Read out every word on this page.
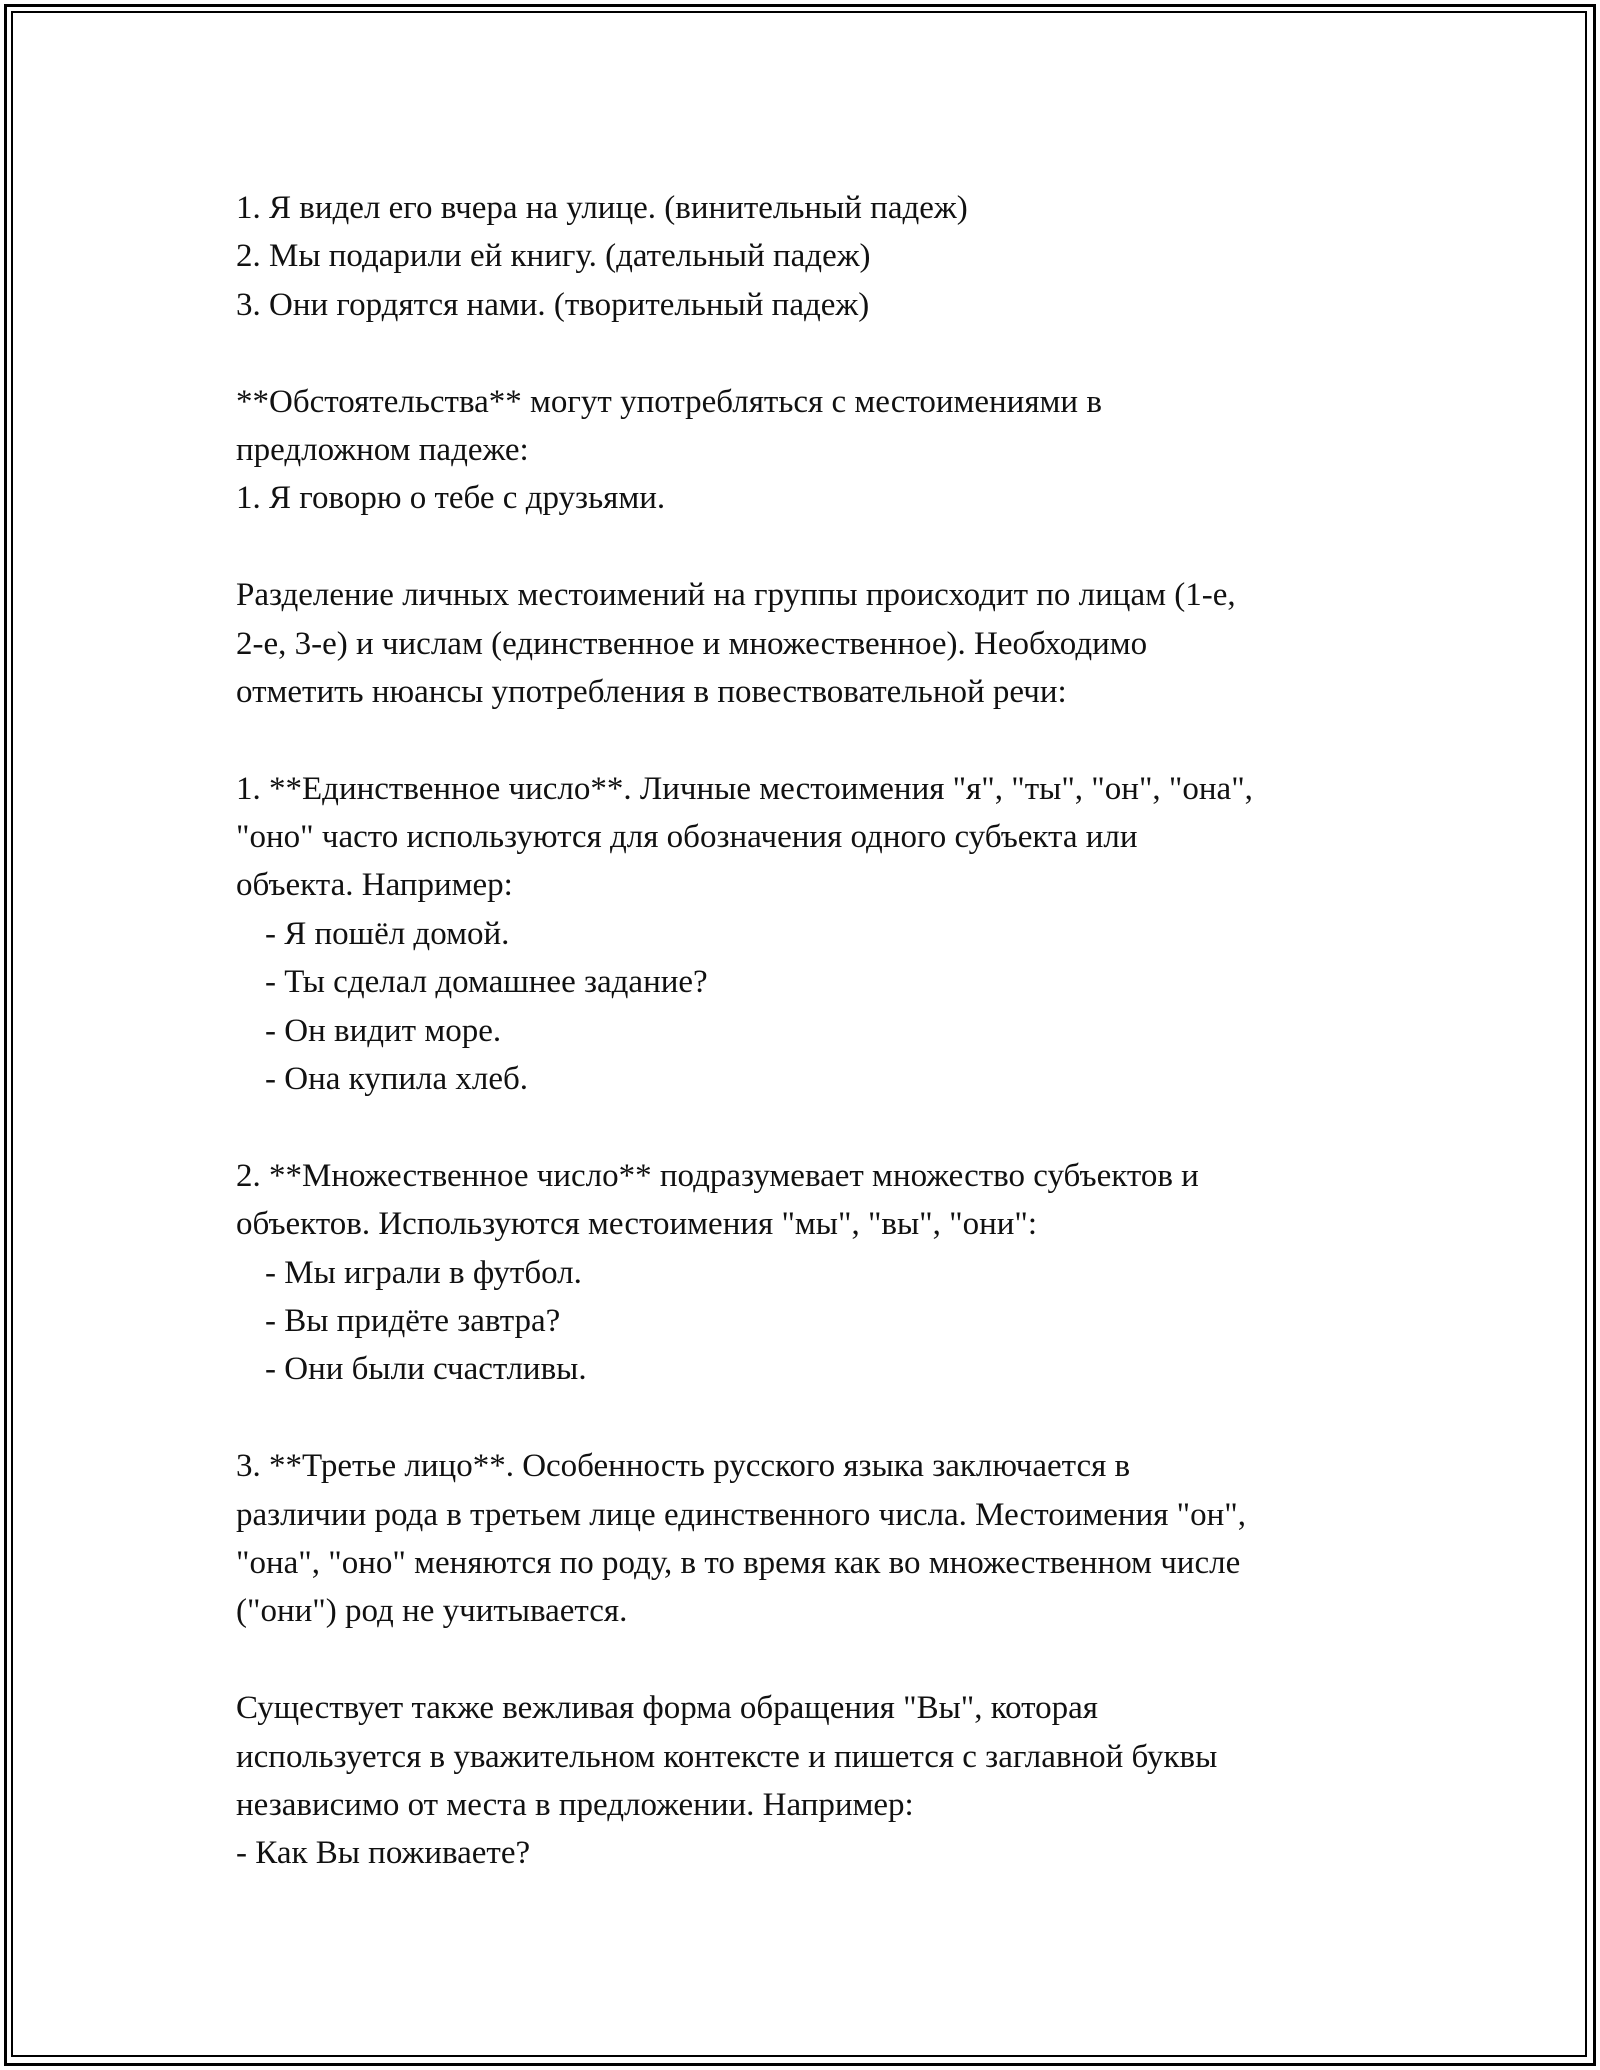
1. Я видел его вчера на улице. (винительный падеж)
2. Мы подарили ей книгу. (дательный падеж)
3. Они гордятся нами. (творительный падеж)
**Обстоятельства** могут употребляться с местоимениями в
предложном падеже:
1. Я говорю о тебе с друзьями.
Разделение личных местоимений на группы происходит по лицам (1-е,
2-е, 3-е) и числам (единственное и множественное). Необходимо
отметить нюансы употребления в повествовательной речи:
1. **Единственное число**. Личные местоимения "я", "ты", "он", "она",
"оно" часто используются для обозначения одного субъекта или
объекта. Например:
- Я пошёл домой.
- Ты сделал домашнее задание?
- Он видит море.
- Она купила хлеб.
2. **Множественное число** подразумевает множество субъектов и
объектов. Используются местоимения "мы", "вы", "они":
- Мы играли в футбол.
- Вы придёте завтра?
- Они были счастливы.
3. **Третье лицо**. Особенность русского языка заключается в
различии рода в третьем лице единственного числа. Местоимения "он",
"она", "оно" меняются по роду, в то время как во множественном числе
("они") род не учитывается.
Существует также вежливая форма обращения "Вы", которая
используется в уважительном контексте и пишется с заглавной буквы
независимо от места в предложении. Например:
- Как Вы поживаете?
